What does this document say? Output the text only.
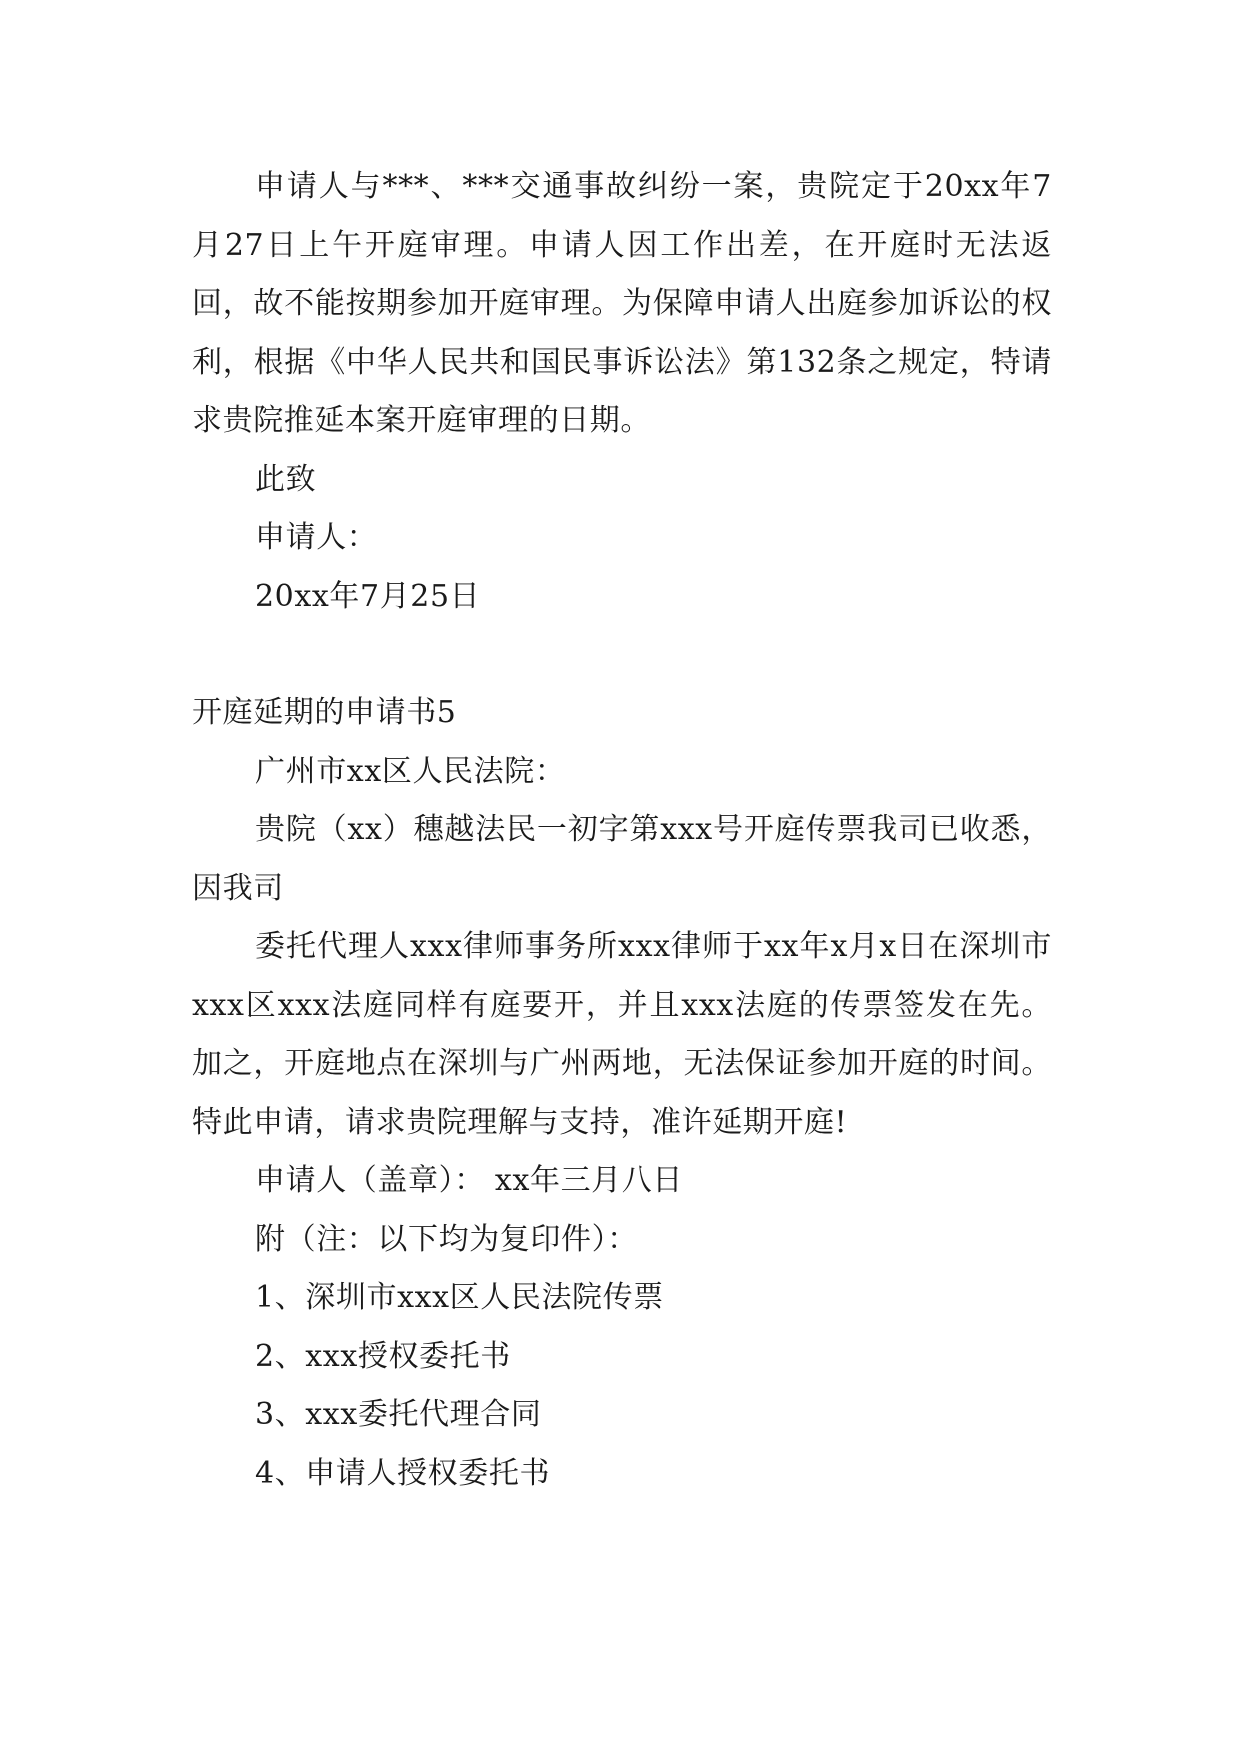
申请人与***、***交通事故纠纷一案，贵院定于20xx年7月27日上午开庭审理。申请人因工作出差，在开庭时无法返回，故不能按期参加开庭审理。为保障申请人出庭参加诉讼的权利，根据《中华人民共和国民事诉讼法》第132条之规定，特请求贵院推延本案开庭审理的日期。

此致

申请人：

20xx年7月25日

开庭延期的申请书5

广州市xx区人民法院：

贵院（xx）穗越法民一初字第xxx号开庭传票我司已收悉，因我司

委托代理人xxx律师事务所xxx律师于xx年x月x日在深圳市xxx区xxx法庭同样有庭要开，并且xxx法庭的传票签发在先。加之，开庭地点在深圳与广州两地，无法保证参加开庭的时间。 特此申请，请求贵院理解与支持，准许延期开庭!

申请人（盖章）： xx年三月八日

附（注：以下均为复印件）：

1、深圳市xxx区人民法院传票

2、xxx授权委托书

3、xxx委托代理合同

4、申请人授权委托书
